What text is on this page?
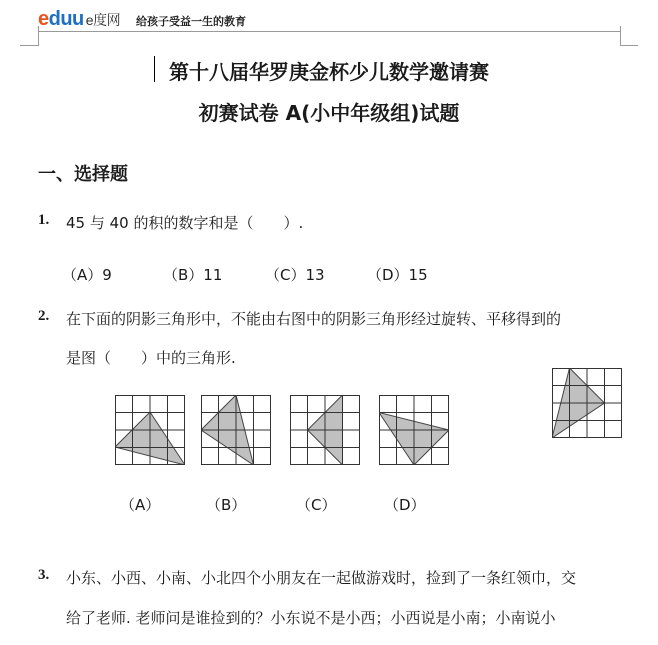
eduu e度网 给孩子受益一生的教育
第十八届华罗庚金杯少儿数学邀请赛
初赛试卷 A(小中年级组)试题
一、选择题
1. 45 与 40 的积的数字和是（　　）.
（A）9	（B）11	（C）13	（D）15
2. 在下面的阴影三角形中，不能由右图中的阴影三角形经过旋转、平移得到的
是图（　　）中的三角形.
（A）	（B）	（C）	（D）
3. 小东、小西、小南、小北四个小朋友在一起做游戏时，捡到了一条红领巾，交
给了老师. 老师问是谁捡到的？小东说不是小西；小西说是小南；小南说小
